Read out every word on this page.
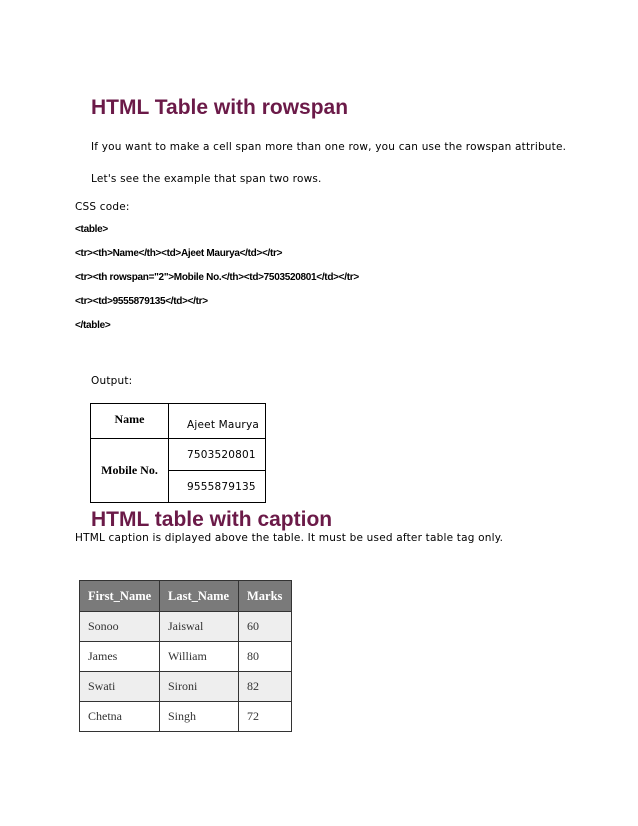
HTML Table with rowspan
If you want to make a cell span more than one row, you can use the rowspan attribute.
Let's see the example that span two rows.
CSS code:
<table>
<tr><th>Name</th><td>Ajeet Maurya</td></tr>
<tr><th rowspan="2">Mobile No.</th><td>7503520801</td></tr>
<tr><td>9555879135</td></tr>
</table>
Output:
Name	Ajeet Maurya

Mobile No.	7503520801

	9555879135
HTML table with caption
HTML caption is diplayed above the table. It must be used after table tag only.
First_Name	Last_Name	Marks
Sonoo	Jaiswal	60
James	William	80
Swati	Sironi	82
Chetna	Singh	72
